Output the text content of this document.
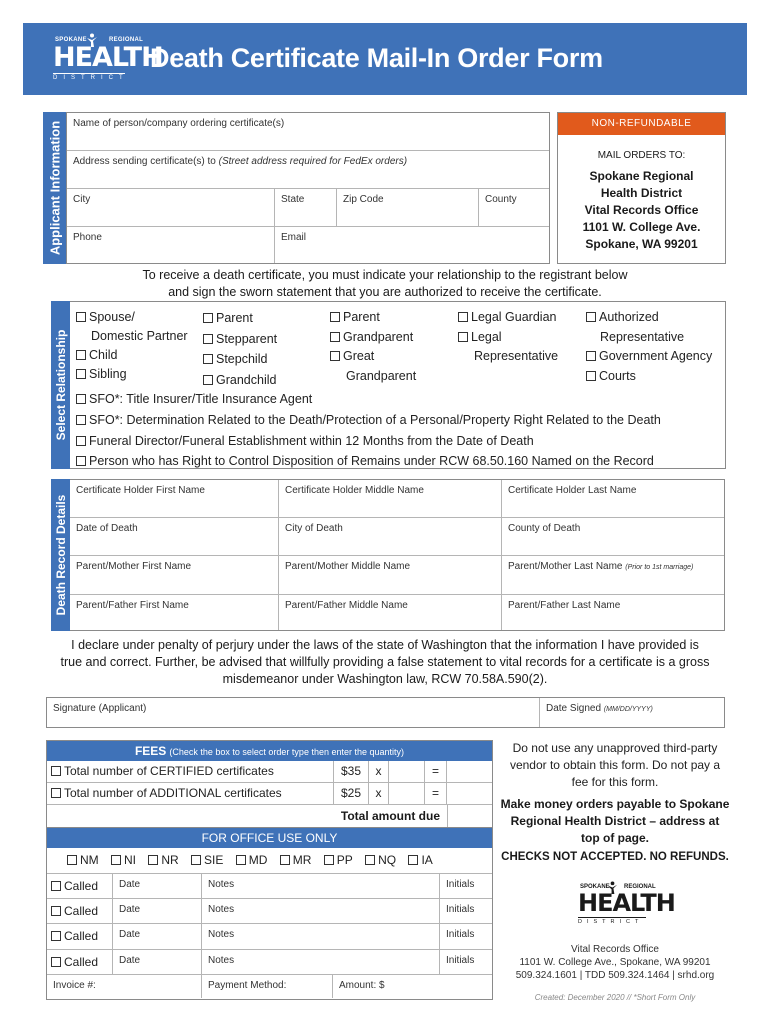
SPOKANE	REGIONAL
HEALTH
DISTRICT
Death Certificate Mail-In Order Form
Applicant Information	Name of person/company ordering certificate(s)
Address sending certificate(s) to (Street address required for FedEx orders)
City	State	Zip Code	County
Phone	Email
NON-REFUNDABLE
MAIL ORDERS TO:
Spokane Regional
Health District
Vital Records Office
1101 W. College Ave.
Spokane, WA 99201
To receive a death certificate, you must indicate your relationship to the registrant below
and sign the sworn statement that you are authorized to receive the certificate.
Select Relationship
Spouse/
Domestic Partner
Child
Sibling
Parent
Stepparent
Stepchild
Grandchild
Parent
Grandparent
Great
Grandparent
Legal Guardian
Legal
Representative
Authorized
Representative
Government Agency
Courts
SFO*: Title Insurer/Title Insurance Agent
SFO*: Determination Related to the Death/Protection of a Personal/Property Right Related to the Death
Funeral Director/Funeral Establishment within 12 Months from the Date of Death
Person who has Right to Control Disposition of Remains under RCW 68.50.160 Named on the Record
Death Record Details
Certificate Holder First Name	Certificate Holder Middle Name	Certificate Holder Last Name
Date of Death	City of Death	County of Death
Parent/Mother First Name	Parent/Mother Middle Name	Parent/Mother Last Name (Prior to 1st marriage)
Parent/Father First Name	Parent/Father Middle Name	Parent/Father Last Name
I declare under penalty of perjury under the laws of the state of Washington that the information I have provided is
true and correct. Further, be advised that willfully providing a false statement to vital records for a certificate is a gross
misdemeanor under Washington law, RCW 70.58A.590(2).
Signature (Applicant)	Date Signed (MM/DD/YYYY)
FEES (Check the box to select order type then enter the quantity)
Total number of CERTIFIED certificates	$35	x	=
Total number of ADDITIONAL certificates	$25	x	=
Total amount due
FOR OFFICE USE ONLY
NM NI NR SIE MD MR PP NQ IA
Called	Date	Notes	Initials
Called	Date	Notes	Initials
Called	Date	Notes	Initials
Called	Date	Notes	Initials
Invoice #:	Payment Method:	Amount: $
Do not use any unapproved third-party vendor to obtain this form. Do not pay a fee for this form.
Make money orders payable to Spokane Regional Health District – address at top of page.
CHECKS NOT ACCEPTED. NO REFUNDS.
SPOKANE REGIONAL
HEALTH
DISTRICT
Vital Records Office
1101 W. College Ave., Spokane, WA 99201
509.324.1601 | TDD 509.324.1464 | srhd.org
Created: December 2020 // *Short Form Only
